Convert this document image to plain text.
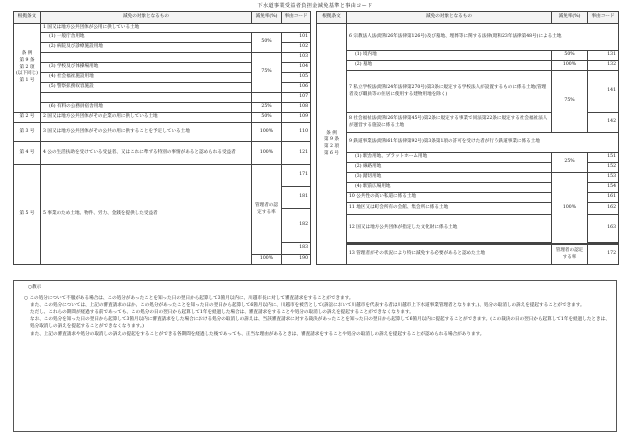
下水道事業受益者負担金減免基準と事由コード
根拠条文	減免の対象となるもの	減免率(%)	事由コード

条 例
第 9 条
第 2 項
(以下同じ)
第 1 号	1 国又は地方公共団体が公用に供している土地		
	(1) 一般庁舎用地	50%	101
	(2) 病院及び診療施設用地		102
		75%	103
	(3) 学校及び体操場用地		104
	(4) 社会福祉施設用地		105
	(5) 警察拡務収容施設		106
			107
	(6) 有料の公務員宿舎用地	25%	108
第 2 号	2 国又は地方公共団体がその企業の用に供している土地	50%	109
第 3 号	3 国又は地方公共団体がその公共の用に供することを予定している土地	100%	110
第 4 号	4 公の生活扶助を受けている受益者、又はこれに準ずる特別の事情があると認められる受益者	100%	121
第 5 号	5 事業のため土地、物件、労力、金銭を提供した受益者	管理者の認定する率	171
			181
			182
			183
		100%	190
根拠条文	減免の対象となるもの	減免率(%)	事由コード

条 例
第 9 条
第 2 項
第 6 号	6 宗教法人法(昭和26年法律第126号)及び墓地、埋葬等に関する法律(昭和23年法律第48号)による土地		
	(1) 境内地	50%	131
	(2) 墓地	100%	132
	7 私立学校法(昭和24年法律第270号)第3条に規定する学校法人が設置するものに係る土地(管理者及び職員等の住居に使用する建物用地を除く)	75%	141
	8 社会福祉法(昭和26年法律第45号)第2条に規定する事業で同法第22条に規定する社会福祉法人が運営する施設に係る土地		142
	9 鉄道事業法(昭和61年法律第92号)第3条第1項の許可を受けた者が行う鉄道事業に係る土地		
	(1) 駅舎用地、プラットホーム用地	25%	151
	(2) 線路用地		152
	(3) 踏切用地	100%	153
	(4) 駅前広場用地		154
	10 公共性の高い私道に係る土地		161
	11 地区又は町会所有の会館、集会所に係る土地		162
	12 国又は地方公共団体が指定した文化財に係る土地		163

	13 管理者がその状況により特に減免する必要があると認めた土地	管理者の認定する率	172
○教示

○ この処分について不服がある場合は、この処分があったことを知った日の翌日から起算して3箇月以内に、川越市長に対して審査請求をすることができます。

また、この処分については、上記の審査請求のほか、この処分があったことを知った日の翌日から起算して6箇月以内に、川越市を被告として(訴訟において川越市を代表する者は川越市上下水道事業管理者となります。)、処分の取消しの訴えを提起することができます。

ただし、これらの期間が経過する前であっても、この処分の日の翌日から起算して1年を経過した場合は、審査請求をすることや処分の取消しの訴えを提起することができなくなります。

なお、この処分を知った日の翌日から起算して3箇月以内に審査請求をした場合における処分の取消しの訴えは、当該審査請求に対する裁決があったことを知った日の翌日から起算して6箇月以内に提起することができます。(この裁決の日の翌日から起算して1年を経過したときは、処分取消しの訴えを提起することができなくなります。)

また、上記の審査請求や処分の取消しの訴えの提起をすることができる各期間を経過した後であっても、正当な理由があるときは、審査請求をすることや処分の取消しの訴えを提起することが認められる場合があります。
